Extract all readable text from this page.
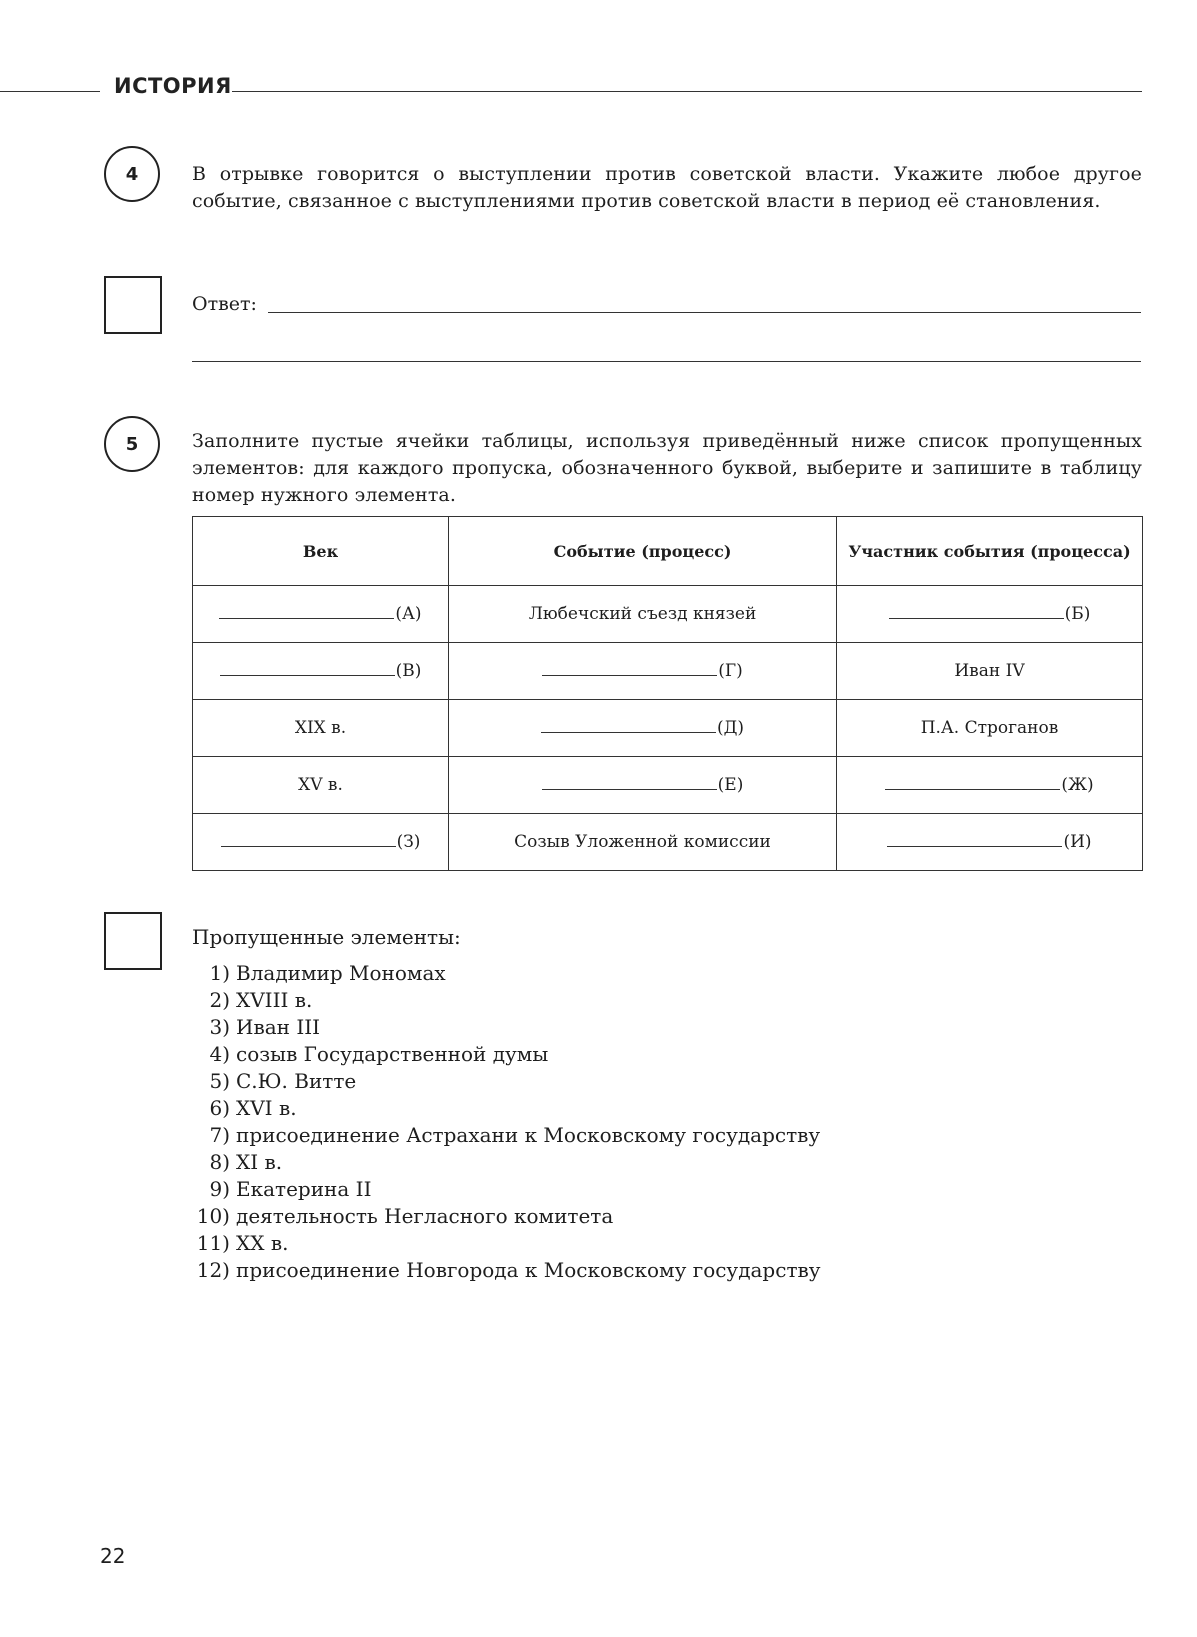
ИСТОРИЯ
4	В отрывке говорится о выступлении против советской власти. Укажите любое другое событие, связанное с выступлениями против советской власти в период её становления.
Ответ:
5	Заполните пустые ячейки таблицы, используя приведённый ниже список пропущенных элементов: для каждого пропуска, обозначенного буквой, выберите и запишите в таблицу номер нужного элемента.
Век	Событие (процесс)	Участник события (процесса)

(А)	Любечский съезд князей	(Б)

(В)	(Г)	Иван IV
XIX в.	(Д)	П.А. Строганов
XV в.	(Е)	(Ж)

(З)	Созыв Уложенной комиссии	(И)
Пропущенные элементы:
1) Владимир Мономах
2) XVIII в.
3) Иван III
4) созыв Государственной думы
5) С.Ю. Витте
6) XVI в.
7) присоединение Астрахани к Московскому государству
8) XI в.
9) Екатерина II
10) деятельность Негласного комитета
11) XX в.
12) присоединение Новгорода к Московскому государству
22
